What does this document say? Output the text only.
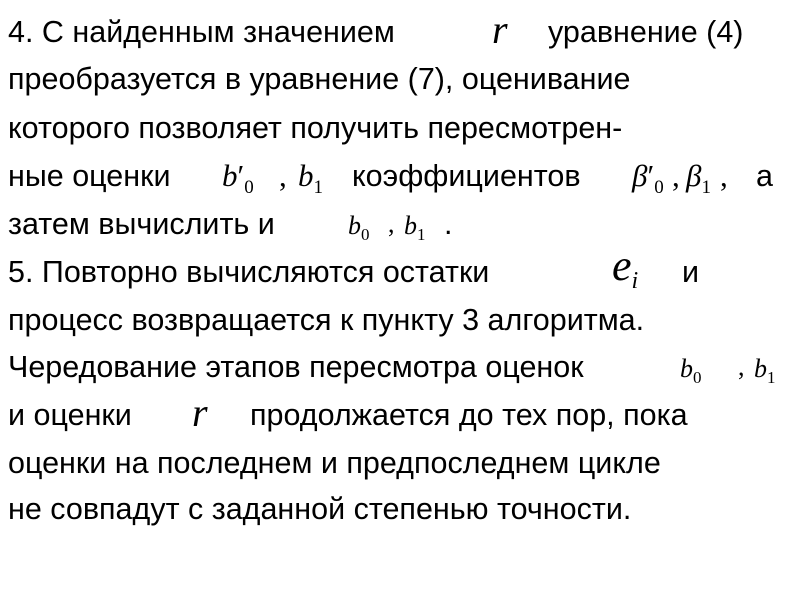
4. С найденным значением r уравнение (4)
преобразуется в уравнение (7), оценивание
которого позволяет получить пересмотрен-
ные оценки $b'_0$ , $b_1$ коэффициентов $\beta'_0$ , $\beta_1$ , а
затем вычислить и	b0 , b1 .
5. Повторно вычисляются остатки	$e_i$ и
процесс возвращается к пункту 3 алгоритма.
Чередование этапов пересмотра оценок	b0 , b1
и оценки r продолжается до тех пор, пока
оценки на последнем и предпоследнем цикле
не совпадут с заданной степенью точности.
